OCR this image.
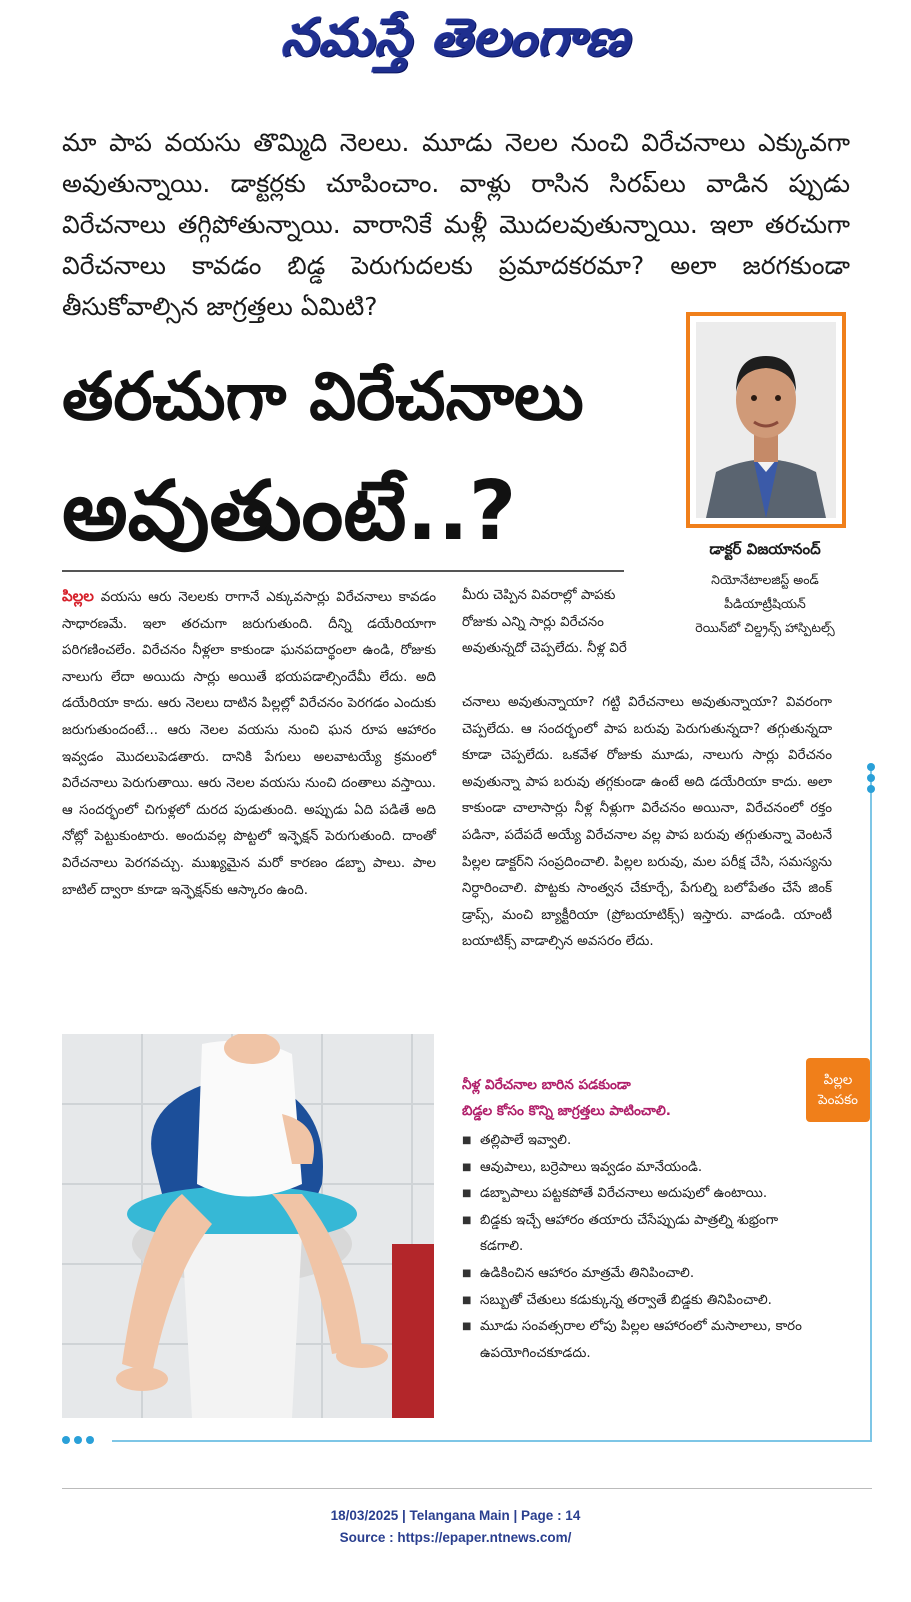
నమస్తే తెలంగాణ
మా పాప వయసు తొమ్మిది నెలలు. మూడు నెలల నుంచి విరేచనాలు ఎక్కువగా అవుతున్నాయి. డాక్టర్లకు చూపించాం. వాళ్లు రాసిన సిరప్‌లు వాడిన ప్పుడు విరేచనాలు తగ్గిపోతున్నాయి. వారానికే మళ్లీ మొదలవుతున్నాయి. ఇలా తరచుగా విరేచనాలు కావడం బిడ్డ పెరుగుదలకు ప్రమాదకరమా? అలా జరగకుండా తీసుకోవాల్సిన జాగ్రత్తలు ఏమిటి?
తరచుగా విరేచనాలు
అవుతుంటే..?	డాక్టర్ విజయానంద్
నియోనేటాలజిస్ట్ అండ్
పీడియాట్రీషియన్
రెయిన్‌బో చిల్డ్రన్స్ హాస్పిటల్స్
పిల్లల వయసు ఆరు నెలలకు రాగానే ఎక్కువసార్లు విరేచనాలు కావడం సాధారణమే. ఇలా తరచుగా జరుగుతుంది. దీన్ని డయేరియాగా పరిగణించలేం. విరేచనం నీళ్లలా కాకుండా ఘనపదార్థంలా ఉండి, రోజుకు నాలుగు లేదా అయిదు సార్లు అయితే భయపడాల్సిందేమీ లేదు. అది డయేరియా కాదు. ఆరు నెలలు దాటిన పిల్లల్లో విరేచనం పెరగడం ఎందుకు జరుగుతుందంటే... ఆరు నెలల వయసు నుంచి ఘన రూప ఆహారం ఇవ్వడం మొదలుపెడతారు. దానికి పేగులు అలవాటయ్యే క్రమంలో విరేచనాలు పెరుగుతాయి. ఆరు నెలల వయసు నుంచి దంతాలు వస్తాయి. ఆ సందర్భంలో చిగుళ్లలో దురద పుడుతుంది. అప్పుడు ఏది పడితే అది నోట్లో పెట్టుకుంటారు. అందువల్ల పొట్టలో ఇన్ఫెక్షన్ పెరుగుతుంది. దాంతో విరేచనాలు పెరగవచ్చు. ముఖ్యమైన మరో కారణం డబ్బా పాలు. పాల బాటిల్ ద్వారా కూడా ఇన్ఫెక్షన్‌కు ఆస్కారం ఉంది.
మీరు చెప్పిన వివరాల్లో పాపకు రోజుకు ఎన్ని సార్లు విరేచనం అవుతున్నదో చెప్పలేదు. నీళ్ల విరే
చనాలు అవుతున్నాయా? గట్టి విరేచనాలు అవుతున్నాయా? వివరంగా చెప్పలేదు. ఆ సందర్భంలో పాప బరువు పెరుగుతున్నదా? తగ్గుతున్నదా కూడా చెప్పలేదు. ఒకవేళ రోజుకు మూడు, నాలుగు సార్లు విరేచనం అవుతున్నా పాప బరువు తగ్గకుండా ఉంటే అది డయేరియా కాదు. అలా కాకుండా చాలాసార్లు నీళ్ల నీళ్లుగా విరేచనం అయినా, విరేచనంలో రక్తం పడినా, పదేపదే అయ్యే విరేచనాల వల్ల పాప బరువు తగ్గుతున్నా వెంటనే పిల్లల డాక్టర్‌ని సంప్రదించాలి. పిల్లల బరువు, మల పరీక్ష చేసి, సమస్యను నిర్ధారించాలి. పొట్టకు సాంత్వన చేకూర్చే, పేగుల్ని బలోపేతం చేసే జింక్ డ్రాప్స్, మంచి బ్యాక్టీరియా (ప్రోబయాటిక్స్) ఇస్తారు. వాడండి. యాంటీ బయాటిక్స్ వాడాల్సిన అవసరం లేదు.
పిల్లల
పెంపకం
నీళ్ల విరేచనాల బారిన పడకుండా
బిడ్డల కోసం కొన్ని జాగ్రత్తలు పాటించాలి.
■ తల్లిపాలే ఇవ్వాలి.
■ ఆవుపాలు, బర్రెపాలు ఇవ్వడం మానేయండి.
■ డబ్బాపాలు పట్టకపోతే విరేచనాలు అదుపులో ఉంటాయి.
■ బిడ్డకు ఇచ్చే ఆహారం తయారు చేసేప్పుడు పాత్రల్ని శుభ్రంగా కడగాలి.
■ ఉడికించిన ఆహారం మాత్రమే తినిపించాలి.
■ సబ్బుతో చేతులు కడుక్కున్న తర్వాతే బిడ్డకు తినిపించాలి.
■ మూడు సంవత్సరాల లోపు పిల్లల ఆహారంలో మసాలాలు, కారం ఉపయోగించకూడదు.
18/03/2025 | Telangana Main | Page : 14
Source : https://epaper.ntnews.com/
